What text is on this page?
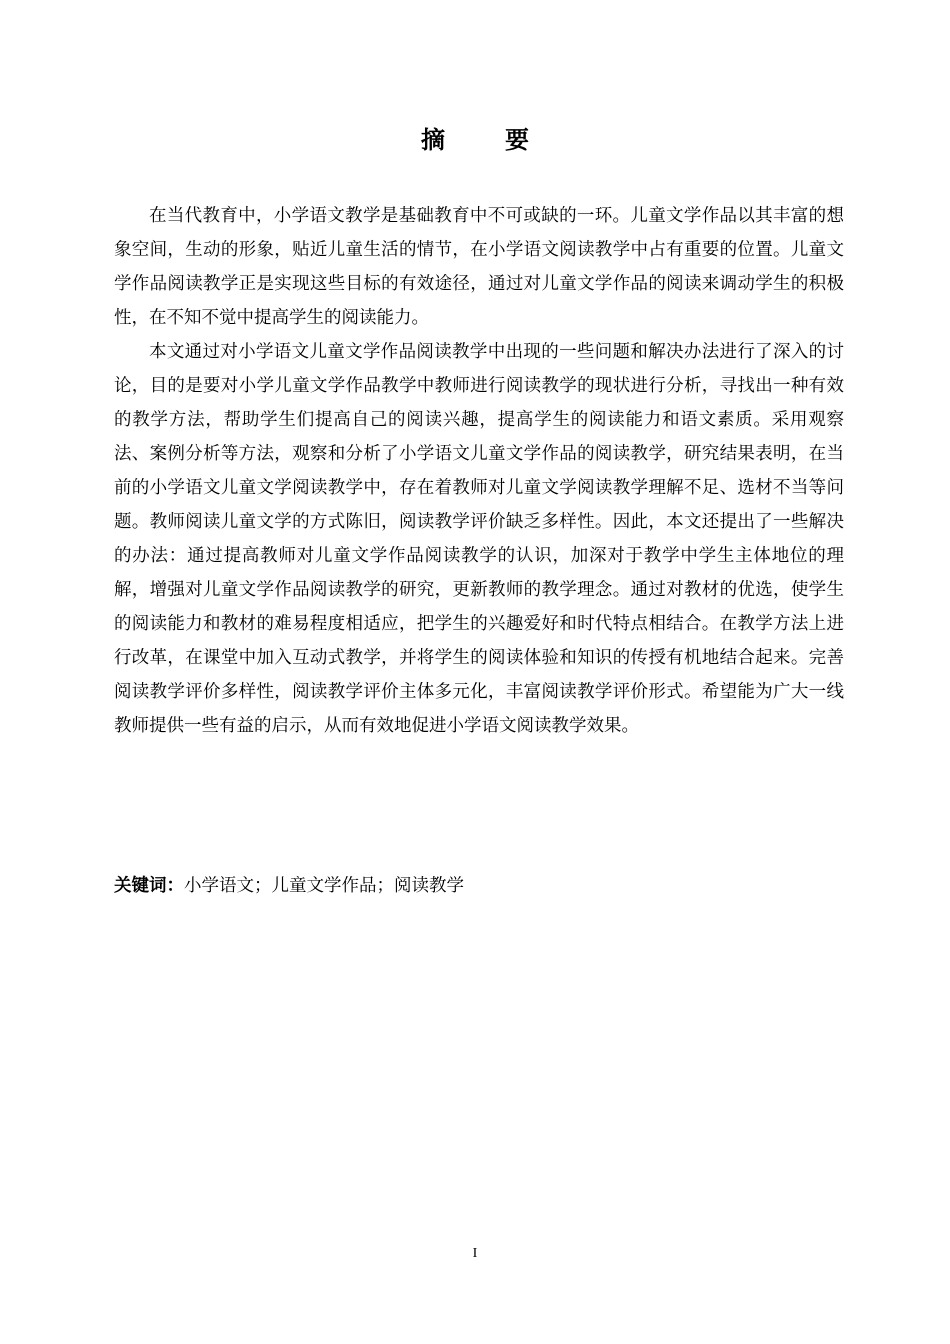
摘　要

在当代教育中，小学语文教学是基础教育中不可或缺的一环。儿童文学作品以其丰富的想象空间，生动的形象，贴近儿童生活的情节，在小学语文阅读教学中占有重要的位置。儿童文学作品阅读教学正是实现这些目标的有效途径，通过对儿童文学作品的阅读来调动学生的积极性，在不知不觉中提高学生的阅读能力。

本文通过对小学语文儿童文学作品阅读教学中出现的一些问题和解决办法进行了深入的讨论，目的是要对小学儿童文学作品教学中教师进行阅读教学的现状进行分析，寻找出一种有效的教学方法，帮助学生们提高自己的阅读兴趣，提高学生的阅读能力和语文素质。采用观察法、案例分析等方法，观察和分析了小学语文儿童文学作品的阅读教学，研究结果表明，在当前的小学语文儿童文学阅读教学中，存在着教师对儿童文学阅读教学理解不足、选材不当等问题。教师阅读儿童文学的方式陈旧，阅读教学评价缺乏多样性。因此，本文还提出了一些解决的办法：通过提高教师对儿童文学作品阅读教学的认识，加深对于教学中学生主体地位的理解，增强对儿童文学作品阅读教学的研究，更新教师的教学理念。通过对教材的优选，使学生的阅读能力和教材的难易程度相适应，把学生的兴趣爱好和时代特点相结合。在教学方法上进行改革，在课堂中加入互动式教学，并将学生的阅读体验和知识的传授有机地结合起来。完善阅读教学评价多样性，阅读教学评价主体多元化，丰富阅读教学评价形式。希望能为广大一线教师提供一些有益的启示，从而有效地促进小学语文阅读教学效果。

关键词：小学语文；儿童文学作品；阅读教学
I
